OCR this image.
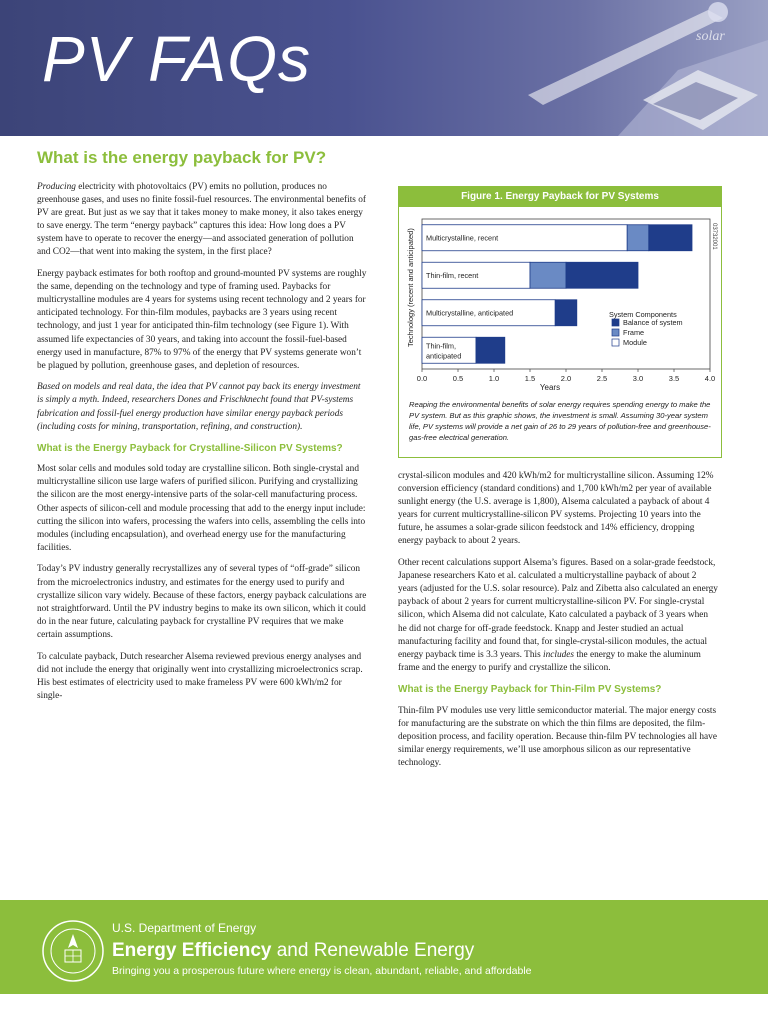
solar
PV FAQs
What is the energy payback for PV?

Producing electricity with photovoltaics (PV) emits no pollution, produces no greenhouse gases, and uses no finite fossil-fuel resources. The environmental benefits of PV are great. But just as we say that it takes money to make money, it also takes energy to save energy. The term “energy payback” captures this idea: How long does a PV system have to operate to recover the energy—and associated generation of pollution and CO2—that went into making the system, in the first place?

Energy payback estimates for both rooftop and ground-mounted PV systems are roughly the same, depending on the technology and type of framing used. Paybacks for multicrystalline modules are 4 years for systems using recent technology and 2 years for anticipated technology. For thin-film modules, paybacks are 3 years using recent technology, and just 1 year for anticipated thin-film technology (see Figure 1). With assumed life expectancies of 30 years, and taking into account the fossil-fuel-based energy used in manufacture, 87% to 97% of the energy that PV systems generate won’t be plagued by pollution, greenhouse gases, and depletion of resources.

Based on models and real data, the idea that PV cannot pay back its energy investment is simply a myth. Indeed, researchers Dones and Frischknecht found that PV-systems fabrication and fossil-fuel energy production have similar energy payback periods (including costs for mining, transportation, refining, and construction).

What is the Energy Payback for Crystalline-Silicon PV Systems?

Most solar cells and modules sold today are crystalline silicon. Both single-crystal and multicrystalline silicon use large wafers of purified silicon. Purifying and crystallizing the silicon are the most energy-intensive parts of the solar-cell manufacturing process. Other aspects of silicon-cell and module processing that add to the energy input include: cutting the silicon into wafers, processing the wafers into cells, assembling the cells into modules (including encapsulation), and overhead energy use for the manufacturing facilities.

Today’s PV industry generally recrystallizes any of several types of “off-grade” silicon from the microelectronics industry, and estimates for the energy used to purify and crystallize silicon vary widely. Because of these factors, energy payback calculations are not straightforward. Until the PV industry begins to make its own silicon, which it could do in the near future, calculating payback for crystalline PV requires that we make certain assumptions.

To calculate payback, Dutch researcher Alsema reviewed previous energy analyses and did not include the energy that originally went into crystallizing microelectronics scrap. His best estimates of electricity used to make frameless PV were 600 kWh/m2 for single-

Figure 1. Energy Payback for PV Systems
Technology (recent and anticipated)	03732001
Years
Multicrystalline, recent
Thin-film, recent
Multicrystalline, anticipated
Thin-film,
anticipated
0.0	0.5	1.0	1.5	2.0	2.5	3.0	3.5	4.0
System Components
Balance of system
Frame
Module
Reaping the environmental benefits of solar energy requires spending energy to make the PV system. But as this graphic shows, the investment is small. Assuming 30-year system life, PV systems will provide a net gain of 26 to 29 years of pollution-free and greenhouse-gas-free electrical generation.

crystal-silicon modules and 420 kWh/m2 for multicrystalline silicon. Assuming 12% conversion efficiency (standard conditions) and 1,700 kWh/m2 per year of available sunlight energy (the U.S. average is 1,800), Alsema calculated a payback of about 4 years for current multicrystalline-silicon PV systems. Projecting 10 years into the future, he assumes a solar-grade silicon feedstock and 14% efficiency, dropping energy payback to about 2 years.

Other recent calculations support Alsema’s figures. Based on a solar-grade feedstock, Japanese researchers Kato et al. calculated a multicrystalline payback of about 2 years (adjusted for the U.S. solar resource). Palz and Zibetta also calculated an energy payback of about 2 years for current multicrystalline-silicon PV. For single-crystal silicon, which Alsema did not calculate, Kato calculated a payback of 3 years when he did not charge for off-grade feedstock. Knapp and Jester studied an actual manufacturing facility and found that, for single-crystal-silicon modules, the actual energy payback time is 3.3 years. This includes the energy to make the aluminum frame and the energy to purify and crystallize the silicon.

What is the Energy Payback for Thin-Film PV Systems?

Thin-film PV modules use very little semiconductor material. The major energy costs for manufacturing are the substrate on which the thin films are deposited, the film-deposition process, and facility operation. Because thin-film PV technologies all have similar energy requirements, we’ll use amorphous silicon as our representative technology.

U.S. Department of Energy
Energy Efficiency and Renewable Energy
Bringing you a prosperous future where energy is clean, abundant, reliable, and affordable
